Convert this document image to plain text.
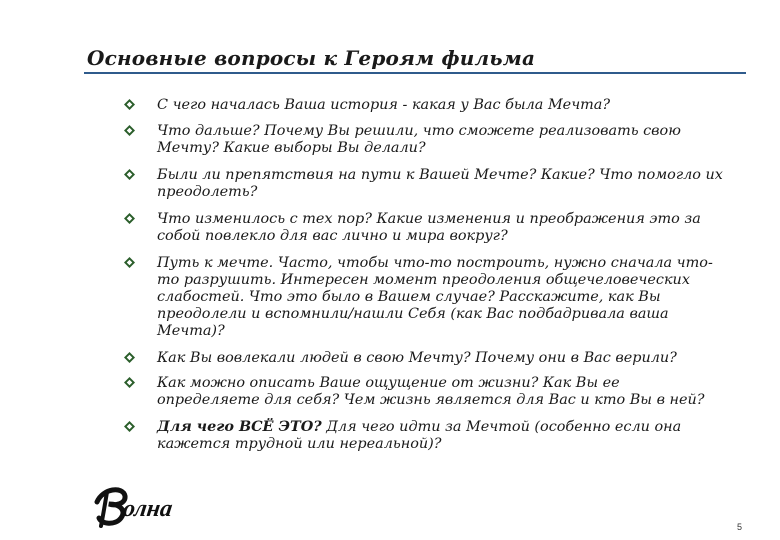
Основные вопросы к Героям фильма
С чего началась Ваша история - какая у Вас была Мечта?
Что дальше? Почему Вы решили, что сможете реализовать свою Мечту? Какие выборы Вы делали?
Были ли препятствия на пути к Вашей Мечте? Какие? Что помогло их преодолеть?
Что изменилось с тех пор? Какие изменения и преображения это за собой повлекло для вас лично и мира вокруг?
Путь к мечте. Часто, чтобы что-то построить, нужно сначала что-то разрушить. Интересен момент преодоления общечеловеческих слабостей. Что это было в Вашем случае? Расскажите, как Вы преодолели и вспомнили/нашли Себя (как Вас подбадривала ваша Мечта)?
Как Вы вовлекали людей в свою Мечту? Почему они в Вас верили?
Как можно описать Ваше ощущение от жизни? Как Вы ее определяете для себя? Чем жизнь является для Вас и кто Вы в ней?
Для чего ВСЁ ЭТО? Для чего идти за Мечтой (особенно если она кажется трудной или нереальной)?
олна
5
